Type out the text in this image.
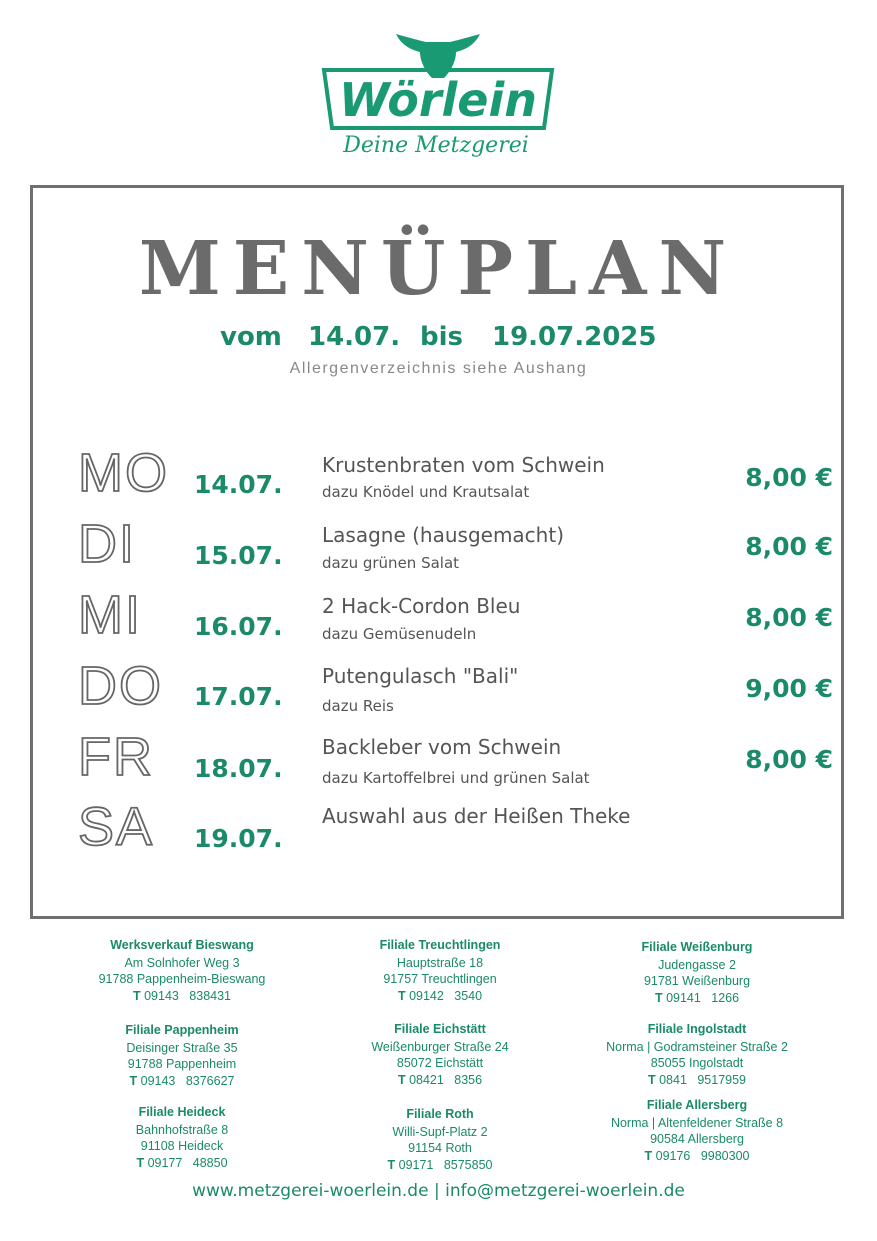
Wörlein
Deine Metzgerei
MENÜPLAN
vom 14.07. bis 19.07.2025
Allergenverzeichnis siehe Aushang
MO 14.07.
Krustenbraten vom Schwein
dazu Knödel und Krautsalat	8,00 €
DI 15.07.
Lasagne (hausgemacht)
dazu grünen Salat
8,00 €
MI 16.07.
2 Hack-Cordon Bleu
dazu Gemüsenudeln
8,00 €
DO 17.07.
Putengulasch "Bali"
dazu Reis
9,00 €
FR 18.07.
Backleber vom Schwein
dazu Kartoffelbrei und grünen Salat
8,00 €
SA 19.07.
Auswahl aus der Heißen Theke
Werksverkauf Bieswang
Am Solnhofer Weg 3
91788 Pappenheim-Bieswang
T 09143 838431
Filiale Pappenheim
Deisinger Straße 35
91788 Pappenheim
T 09143 8376627
Filiale Heideck
Bahnhofstraße 8
91108 Heideck
T 09177 48850
Filiale Treuchtlingen
Hauptstraße 18
91757 Treuchtlingen
T 09142 3540
Filiale Eichstätt
Weißenburger Straße 24
85072 Eichstätt
T 08421 8356
Filiale Roth
Willi-Supf-Platz 2
91154 Roth
T 09171 8575850
Filiale Weißenburg
Judengasse 2
91781 Weißenburg
T 09141 1266
Filiale Ingolstadt
Norma | Godramsteiner Straße 2
85055 Ingolstadt
T 0841 9517959
Filiale Allersberg
Norma | Altenfeldener Straße 8
90584 Allersberg
T 09176 9980300
www.metzgerei-woerlein.de | info@metzgerei-woerlein.de
